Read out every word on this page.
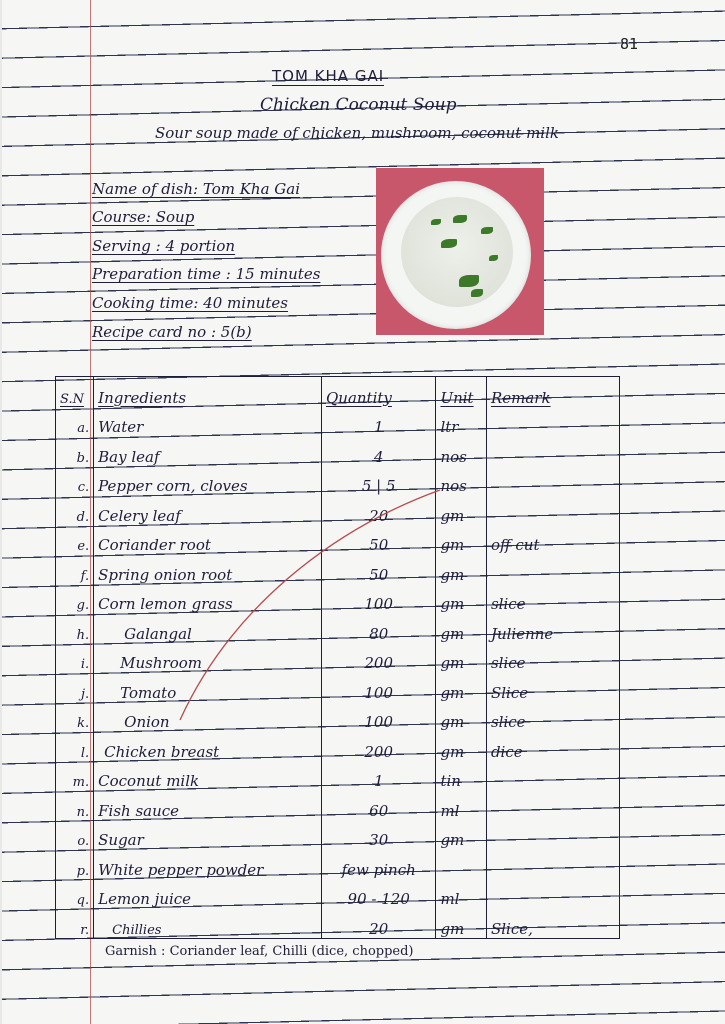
81
TOM KHA GAI
Chicken Coconut Soup
Sour soup made of chicken, mushroom, coconut milk
Name of dish: Tom Kha Gai
Course: Soup
Serving : 4 portion
Preparation time : 15 minutes
Cooking time: 40 minutes
Recipe card no : 5(b)
S.N	Ingredients	Quantity	Unit	Remark
a.	Water	1	ltr	
b.	Bay leaf	4	nos	
c.	Pepper corn, cloves	5 | 5	nos	
d.	Celery leaf	20	gm	
e.	Coriander root	50	gm	off cut
f.	Spring onion root	50	gm	
g.	Corn lemon grass	100	gm	slice
h.	Galangal	80	gm	Julienne
i.	Mushroom	200	gm	slice
j.	Tomato	100	gm	Slice
k.	Onion	100	gm	slice
l.	Chicken breast	200	gm	dice
m.	Coconut milk	1	tin	
n.	Fish sauce	60	ml	
o.	Sugar	30	gm	
p.	White pepper powder	few pinch		
q.	Lemon juice	90 - 120	ml	
r.	Chillies	20	gm	Slice,
Garnish : Coriander leaf, Chilli (dice, chopped)
